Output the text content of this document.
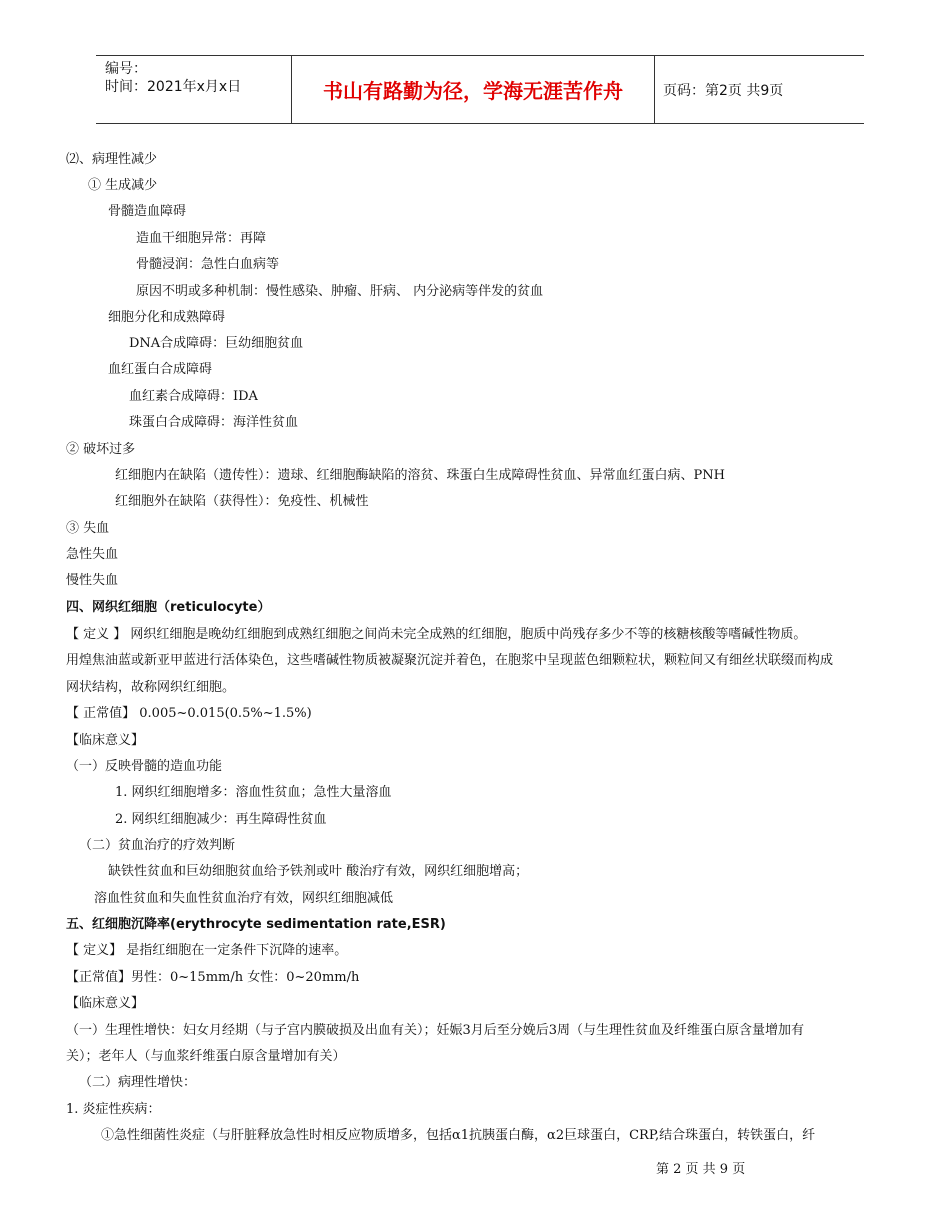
编号：
时间：2021年x月x日	书山有路勤为径，学海无涯苦作舟	页码：第2页 共9页
⑵、病理性减少
① 生成减少
骨髓造血障碍
造血干细胞异常：再障
骨髓浸润：急性白血病等
原因不明或多种机制：慢性感染、肿瘤、肝病、 内分泌病等伴发的贫血
细胞分化和成熟障碍
DNA合成障碍：巨幼细胞贫血
血红蛋白合成障碍
血红素合成障碍：IDA
珠蛋白合成障碍：海洋性贫血
② 破坏过多
红细胞内在缺陷（遗传性）：遗球、红细胞酶缺陷的溶贫、珠蛋白生成障碍性贫血、异常血红蛋白病、PNH
红细胞外在缺陷（获得性）：免疫性、机械性
③ 失血
急性失血
慢性失血
四、网织红细胞（reticulocyte）
【 定义 】 网织红细胞是晚幼红细胞到成熟红细胞之间尚未完全成熟的红细胞，胞质中尚残存多少不等的核糖核酸等嗜碱性物质。
用煌焦油蓝或新亚甲蓝进行活体染色，这些嗜碱性物质被凝聚沉淀并着色，在胞浆中呈现蓝色细颗粒状，颗粒间又有细丝状联缀而构成
网状结构，故称网织红细胞。
【 正常值】 0.005~0.015(0.5%~1.5%)
【临床意义】
（一）反映骨髓的造血功能
1. 网织红细胞增多：溶血性贫血；急性大量溶血
2. 网织红细胞减少：再生障碍性贫血
（二）贫血治疗的疗效判断
缺铁性贫血和巨幼细胞贫血给予铁剂或叶 酸治疗有效，网织红细胞增高；
溶血性贫血和失血性贫血治疗有效，网织红细胞减低
五、红细胞沉降率(erythrocyte sedimentation rate,ESR)
【 定义】 是指红细胞在一定条件下沉降的速率。
【正常值】男性：0~15mm/h 女性：0~20mm/h
【临床意义】
（一）生理性增快：妇女月经期（与子宫内膜破损及出血有关）；妊娠3月后至分娩后3周（与生理性贫血及纤维蛋白原含量增加有
关）；老年人（与血浆纤维蛋白原含量增加有关）
（二）病理性增快：
1. 炎症性疾病：
①急性细菌性炎症（与肝脏释放急性时相反应物质增多，包括α1抗胰蛋白酶，α2巨球蛋白，CRP,结合珠蛋白，转铁蛋白，纤
第 2 页 共 9 页
